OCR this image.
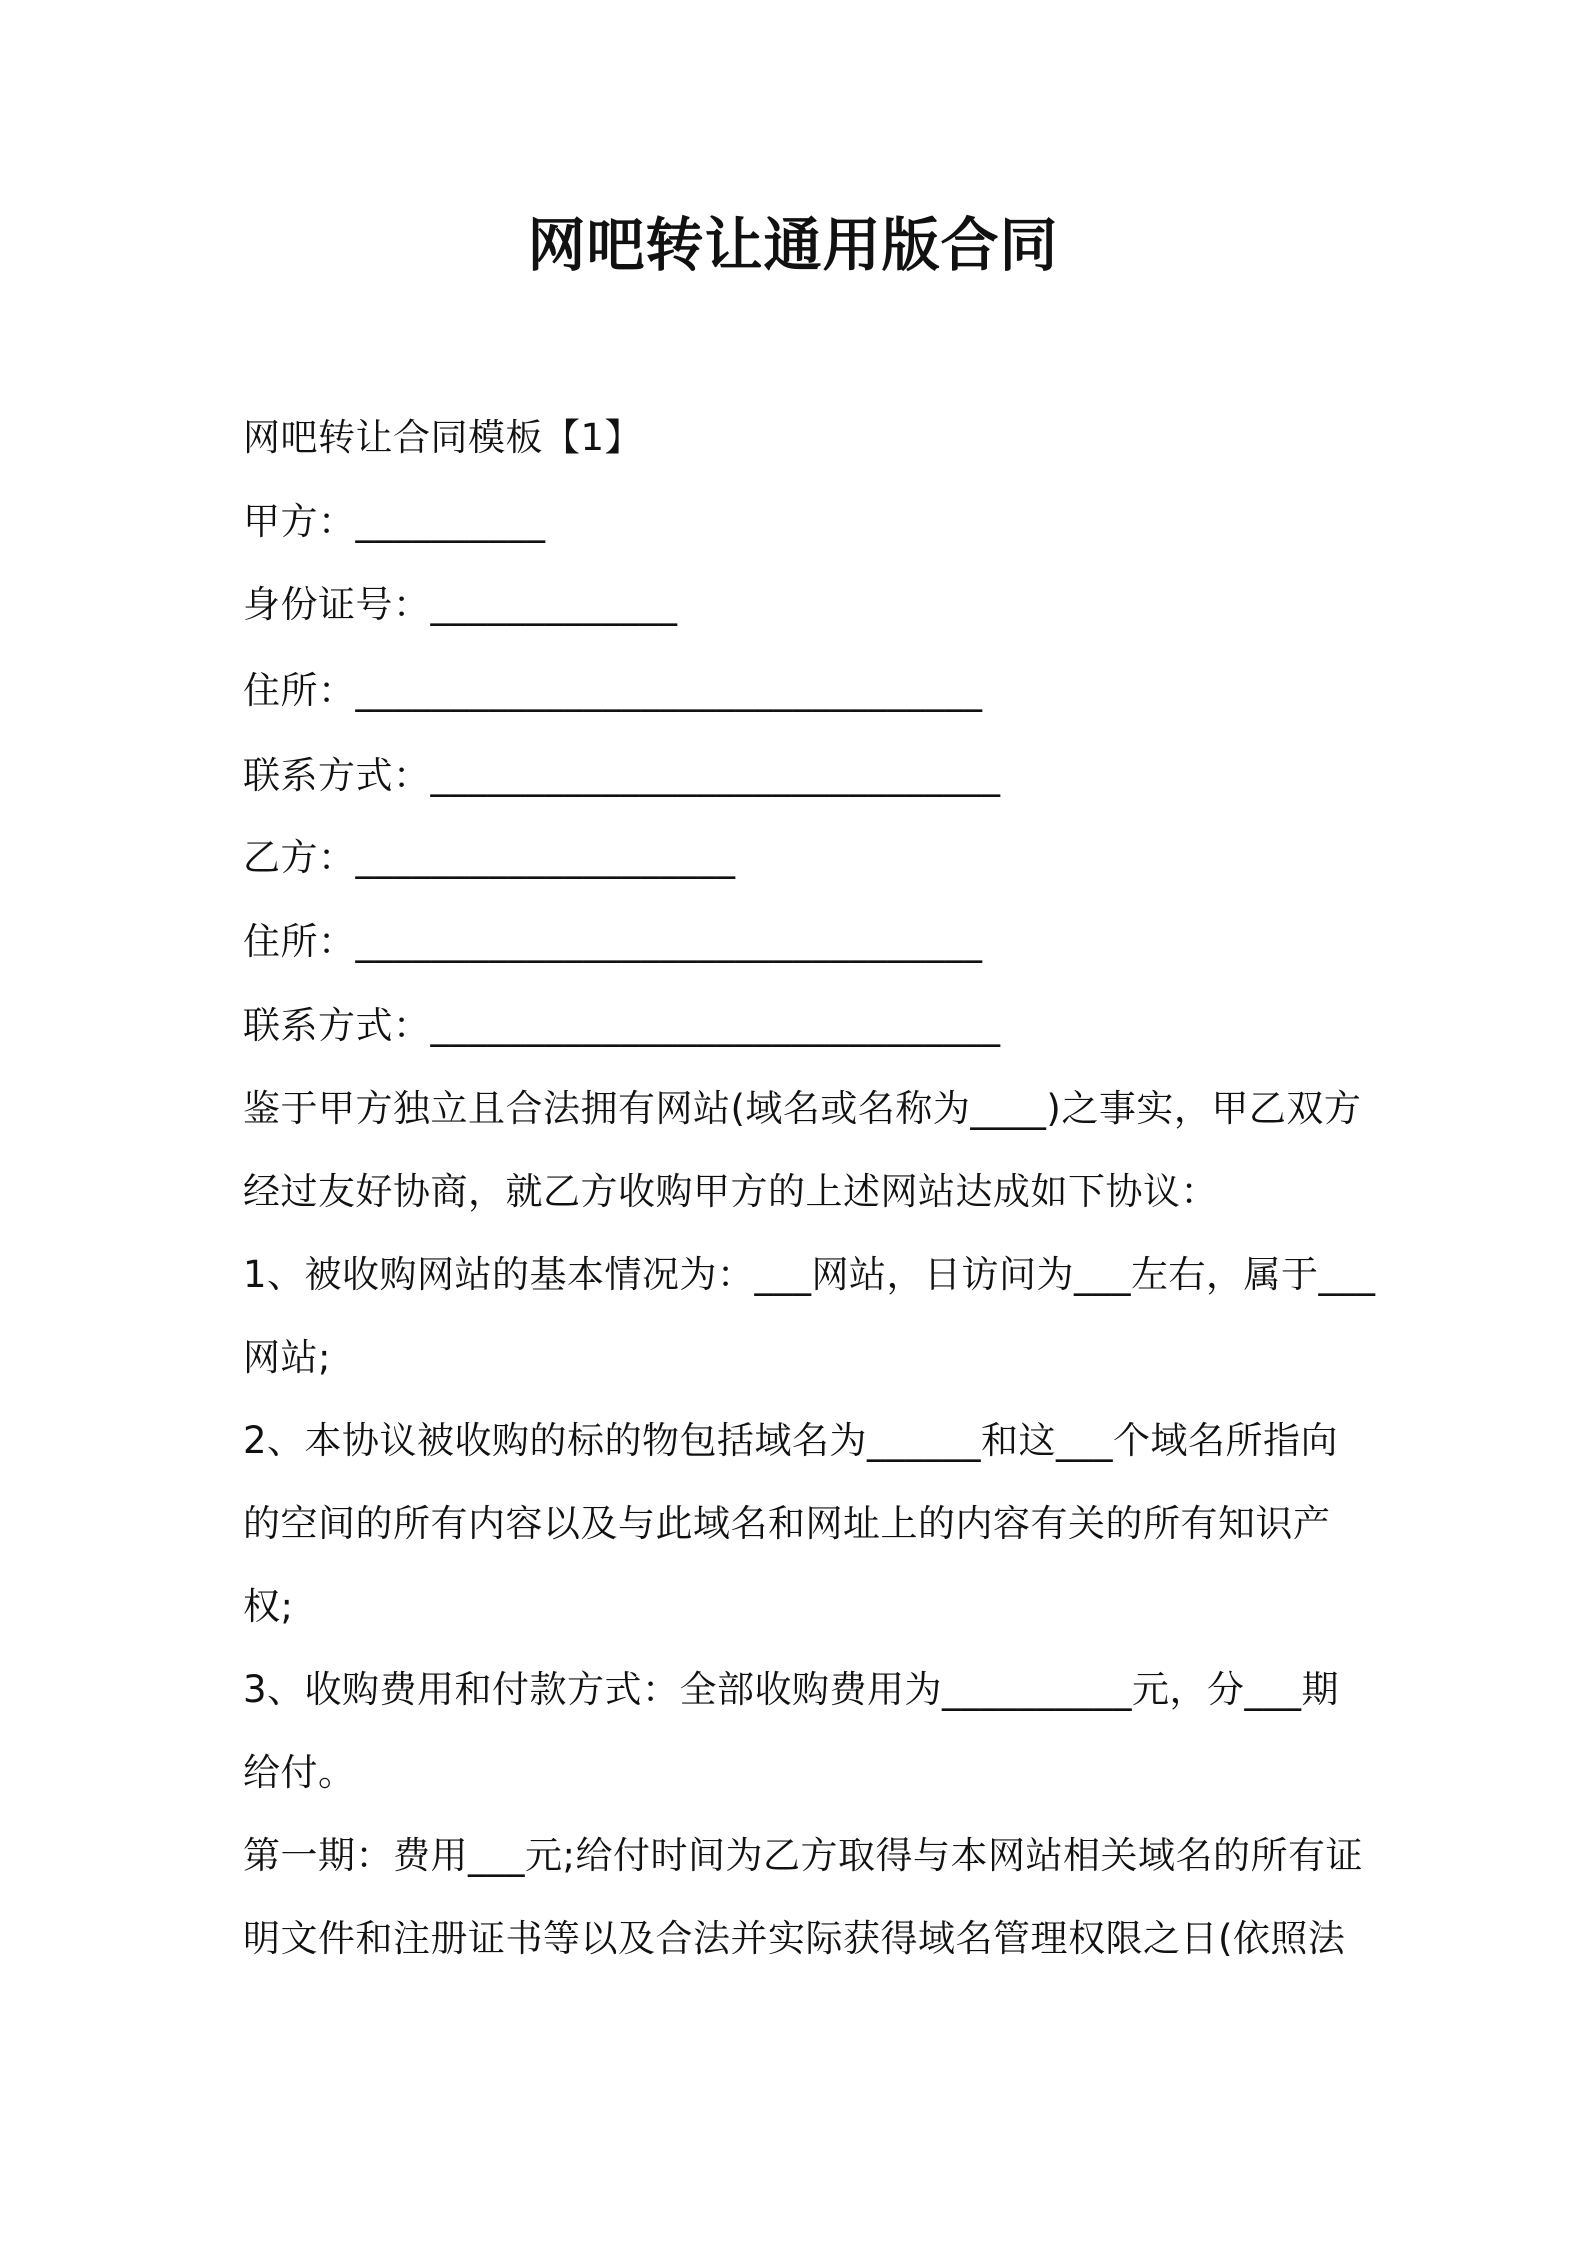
网吧转让通用版合同
网吧转让合同模板【1】
甲方：__________
身份证号：_____________
住所：_________________________________
联系方式：______________________________
乙方：____________________
住所：_________________________________
联系方式：______________________________
鉴于甲方独立且合法拥有网站(域名或名称为____)之事实，甲乙双方
经过友好协商，就乙方收购甲方的上述网站达成如下协议：
1、被收购网站的基本情况为：___网站，日访问为___左右，属于___
网站;
2、本协议被收购的标的物包括域名为______和这___个域名所指向
的空间的所有内容以及与此域名和网址上的内容有关的所有知识产
权;
3、收购费用和付款方式：全部收购费用为__________元，分___期
给付。
第一期：费用___元;给付时间为乙方取得与本网站相关域名的所有证
明文件和注册证书等以及合法并实际获得域名管理权限之日(依照法
